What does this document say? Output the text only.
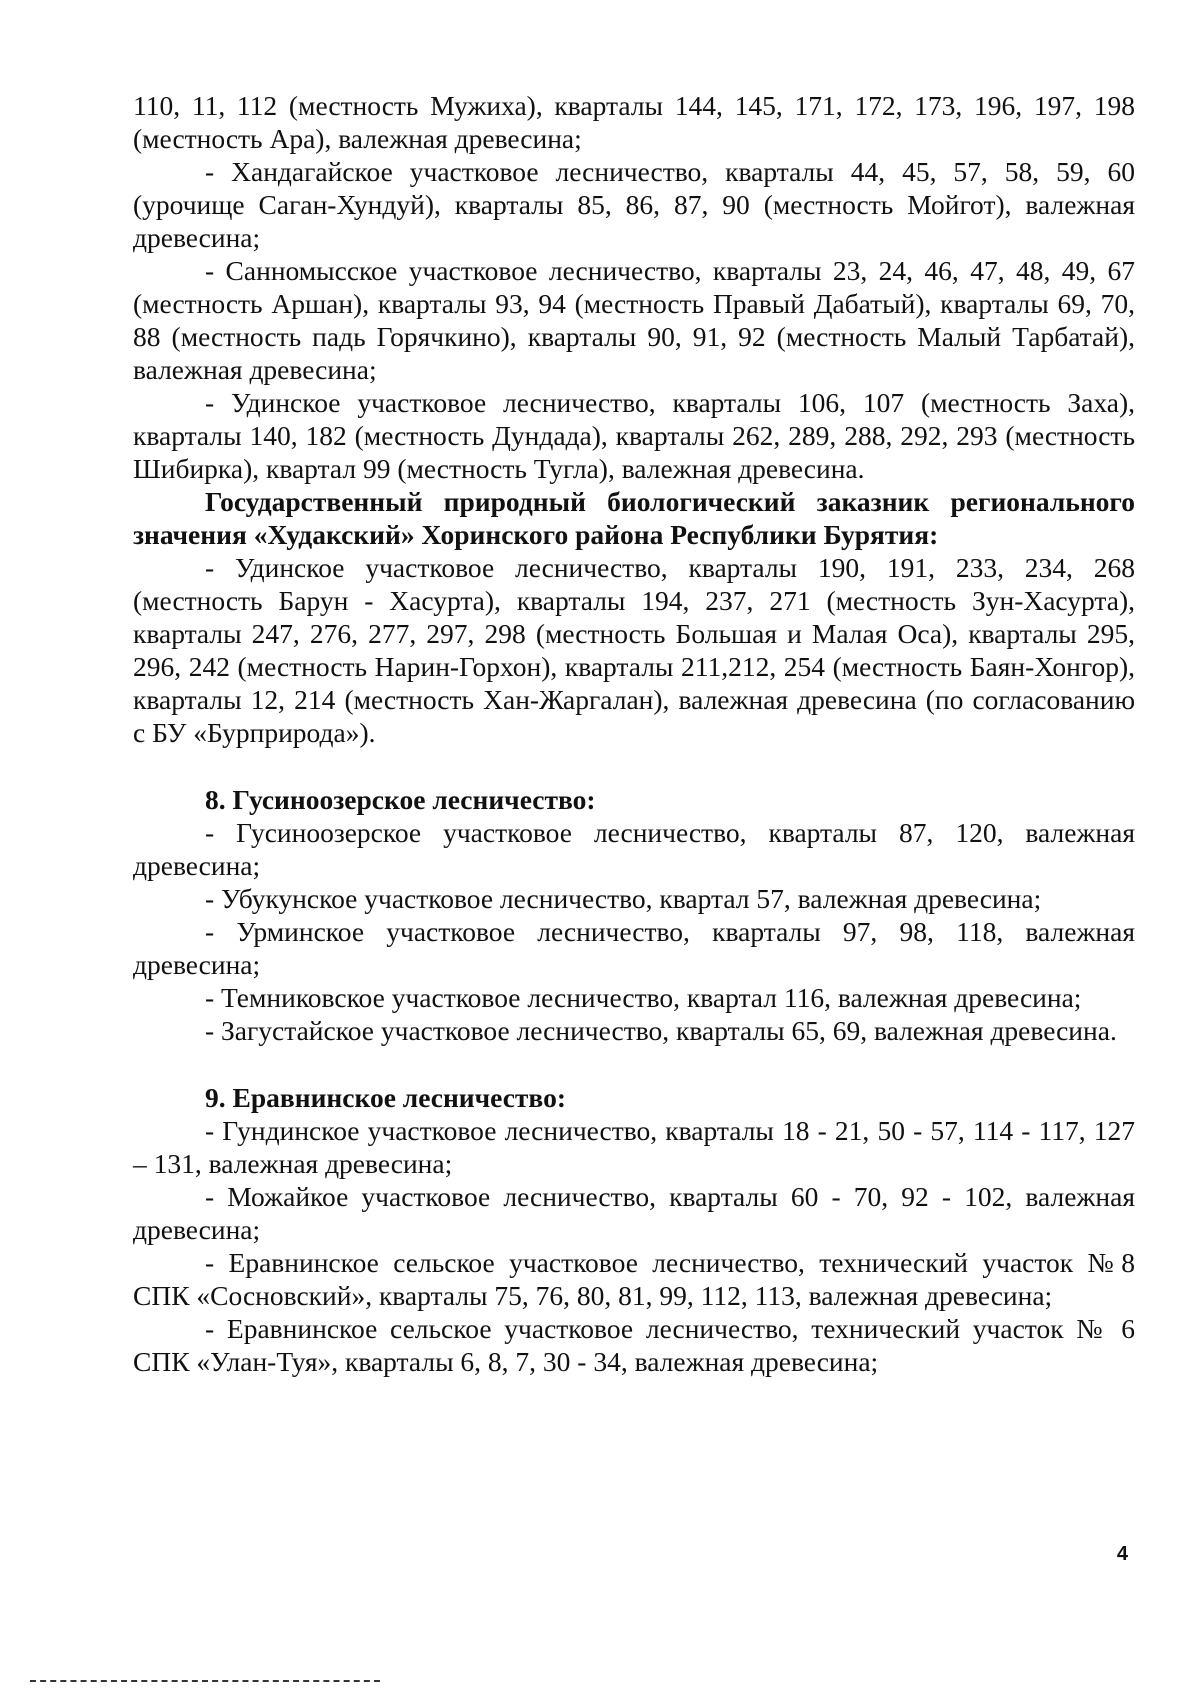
110, 11, 112 (местность Мужиха), кварталы 144, 145, 171, 172, 173, 196, 197, 198 (местность Ара), валежная древесина;

- Хандагайское участковое лесничество, кварталы 44, 45, 57, 58, 59, 60 (урочище Саган-Хундуй), кварталы 85, 86, 87, 90 (местность Мойгот), валежная древесина;

- Санномысское участковое лесничество, кварталы 23, 24, 46, 47, 48, 49, 67 (местность Аршан), кварталы 93, 94 (местность Правый Дабатый), кварталы 69, 70, 88 (местность падь Горячкино), кварталы 90, 91, 92 (местность Малый Тарбатай), валежная древесина;

- Удинское участковое лесничество, кварталы 106, 107 (местность Заха), кварталы 140, 182 (местность Дундада), кварталы 262, 289, 288, 292, 293 (местность Шибирка), квартал 99 (местность Тугла), валежная древесина.

Государственный природный биологический заказник регионального значения «Худакский» Хоринского района Республики Бурятия:

- Удинское участковое лесничество, кварталы 190, 191, 233, 234, 268 (местность Барун - Хасурта), кварталы 194, 237, 271 (местность Зун-Хасурта), кварталы 247, 276, 277, 297, 298 (местность Большая и Малая Оса), кварталы 295, 296, 242 (местность Нарин-Горхон), кварталы 211,212, 254 (местность Баян-Хонгор), кварталы 12, 214 (местность Хан-Жаргалан), валежная древесина (по согласованию с БУ «Бурприрода»).

8. Гусиноозерское лесничество:

- Гусиноозерское участковое лесничество, кварталы 87, 120, валежная древесина;

- Убукунское участковое лесничество, квартал 57, валежная древесина;

- Урминское участковое лесничество, кварталы 97, 98, 118, валежная древесина;

- Темниковское участковое лесничество, квартал 116, валежная древесина;

- Загустайское участковое лесничество, кварталы 65, 69, валежная древесина.

9. Еравнинское лесничество:

- Гундинское участковое лесничество, кварталы 18 - 21, 50 - 57, 114 - 117, 127 – 131, валежная древесина;

- Можайкое участковое лесничество, кварталы 60 - 70, 92 - 102, валежная древесина;

- Еравнинское сельское участковое лесничество, технический участок №8 СПК «Сосновский», кварталы 75, 76, 80, 81, 99, 112, 113, валежная древесина;

- Еравнинское сельское участковое лесничество, технический участок № 6 СПК «Улан-Туя», кварталы 6, 8, 7, 30 - 34, валежная древесина;

4
